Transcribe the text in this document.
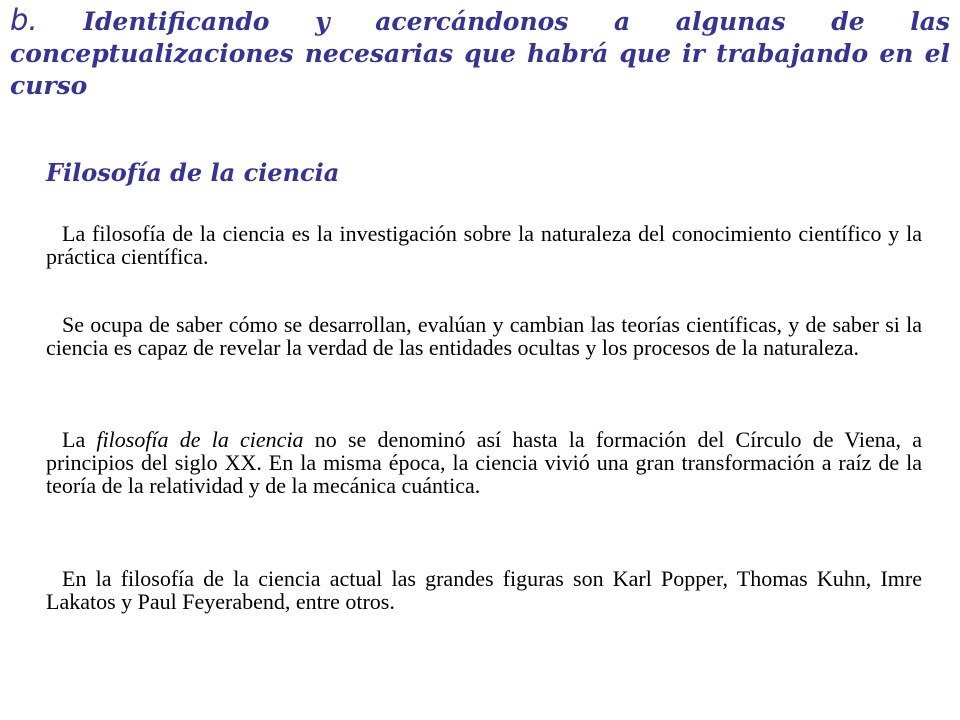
b. Identificando y acercándonos a algunas de las conceptualizaciones necesarias que habrá que ir trabajando en el curso
Filosofía de la ciencia

La filosofía de la ciencia es la investigación sobre la naturaleza del conocimiento científico y la práctica científica.

Se ocupa de saber cómo se desarrollan, evalúan y cambian las teorías científicas, y de saber si la ciencia es capaz de revelar la verdad de las entidades ocultas y los procesos de la naturaleza.

La filosofía de la ciencia no se denominó así hasta la formación del Círculo de Viena, a principios del siglo XX. En la misma época, la ciencia vivió una gran transformación a raíz de la teoría de la relatividad y de la mecánica cuántica.

En la filosofía de la ciencia actual las grandes figuras son Karl Popper, Thomas Kuhn, Imre Lakatos y Paul Feyerabend, entre otros.
